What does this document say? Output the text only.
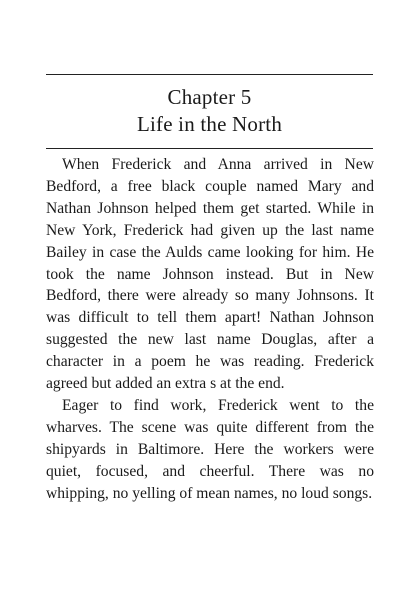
Chapter 5
Life in the North

When Frederick and Anna arrived in New Bedford, a free black couple named Mary and Nathan Johnson helped them get started. While in New York, Frederick had given up the last name Bailey in case the Aulds came looking for him. He took the name Johnson instead. But in New Bedford, there were already so many Johnsons. It was difficult to tell them apart! Nathan Johnson suggested the new last name Douglas, after a character in a poem he was reading. Frederick agreed but added an extra s at the end.

Eager to find work, Frederick went to the wharves. The scene was quite different from the shipyards in Baltimore. Here the workers were quiet, focused, and cheerful. There was no whipping, no yelling of mean names, no loud songs.
